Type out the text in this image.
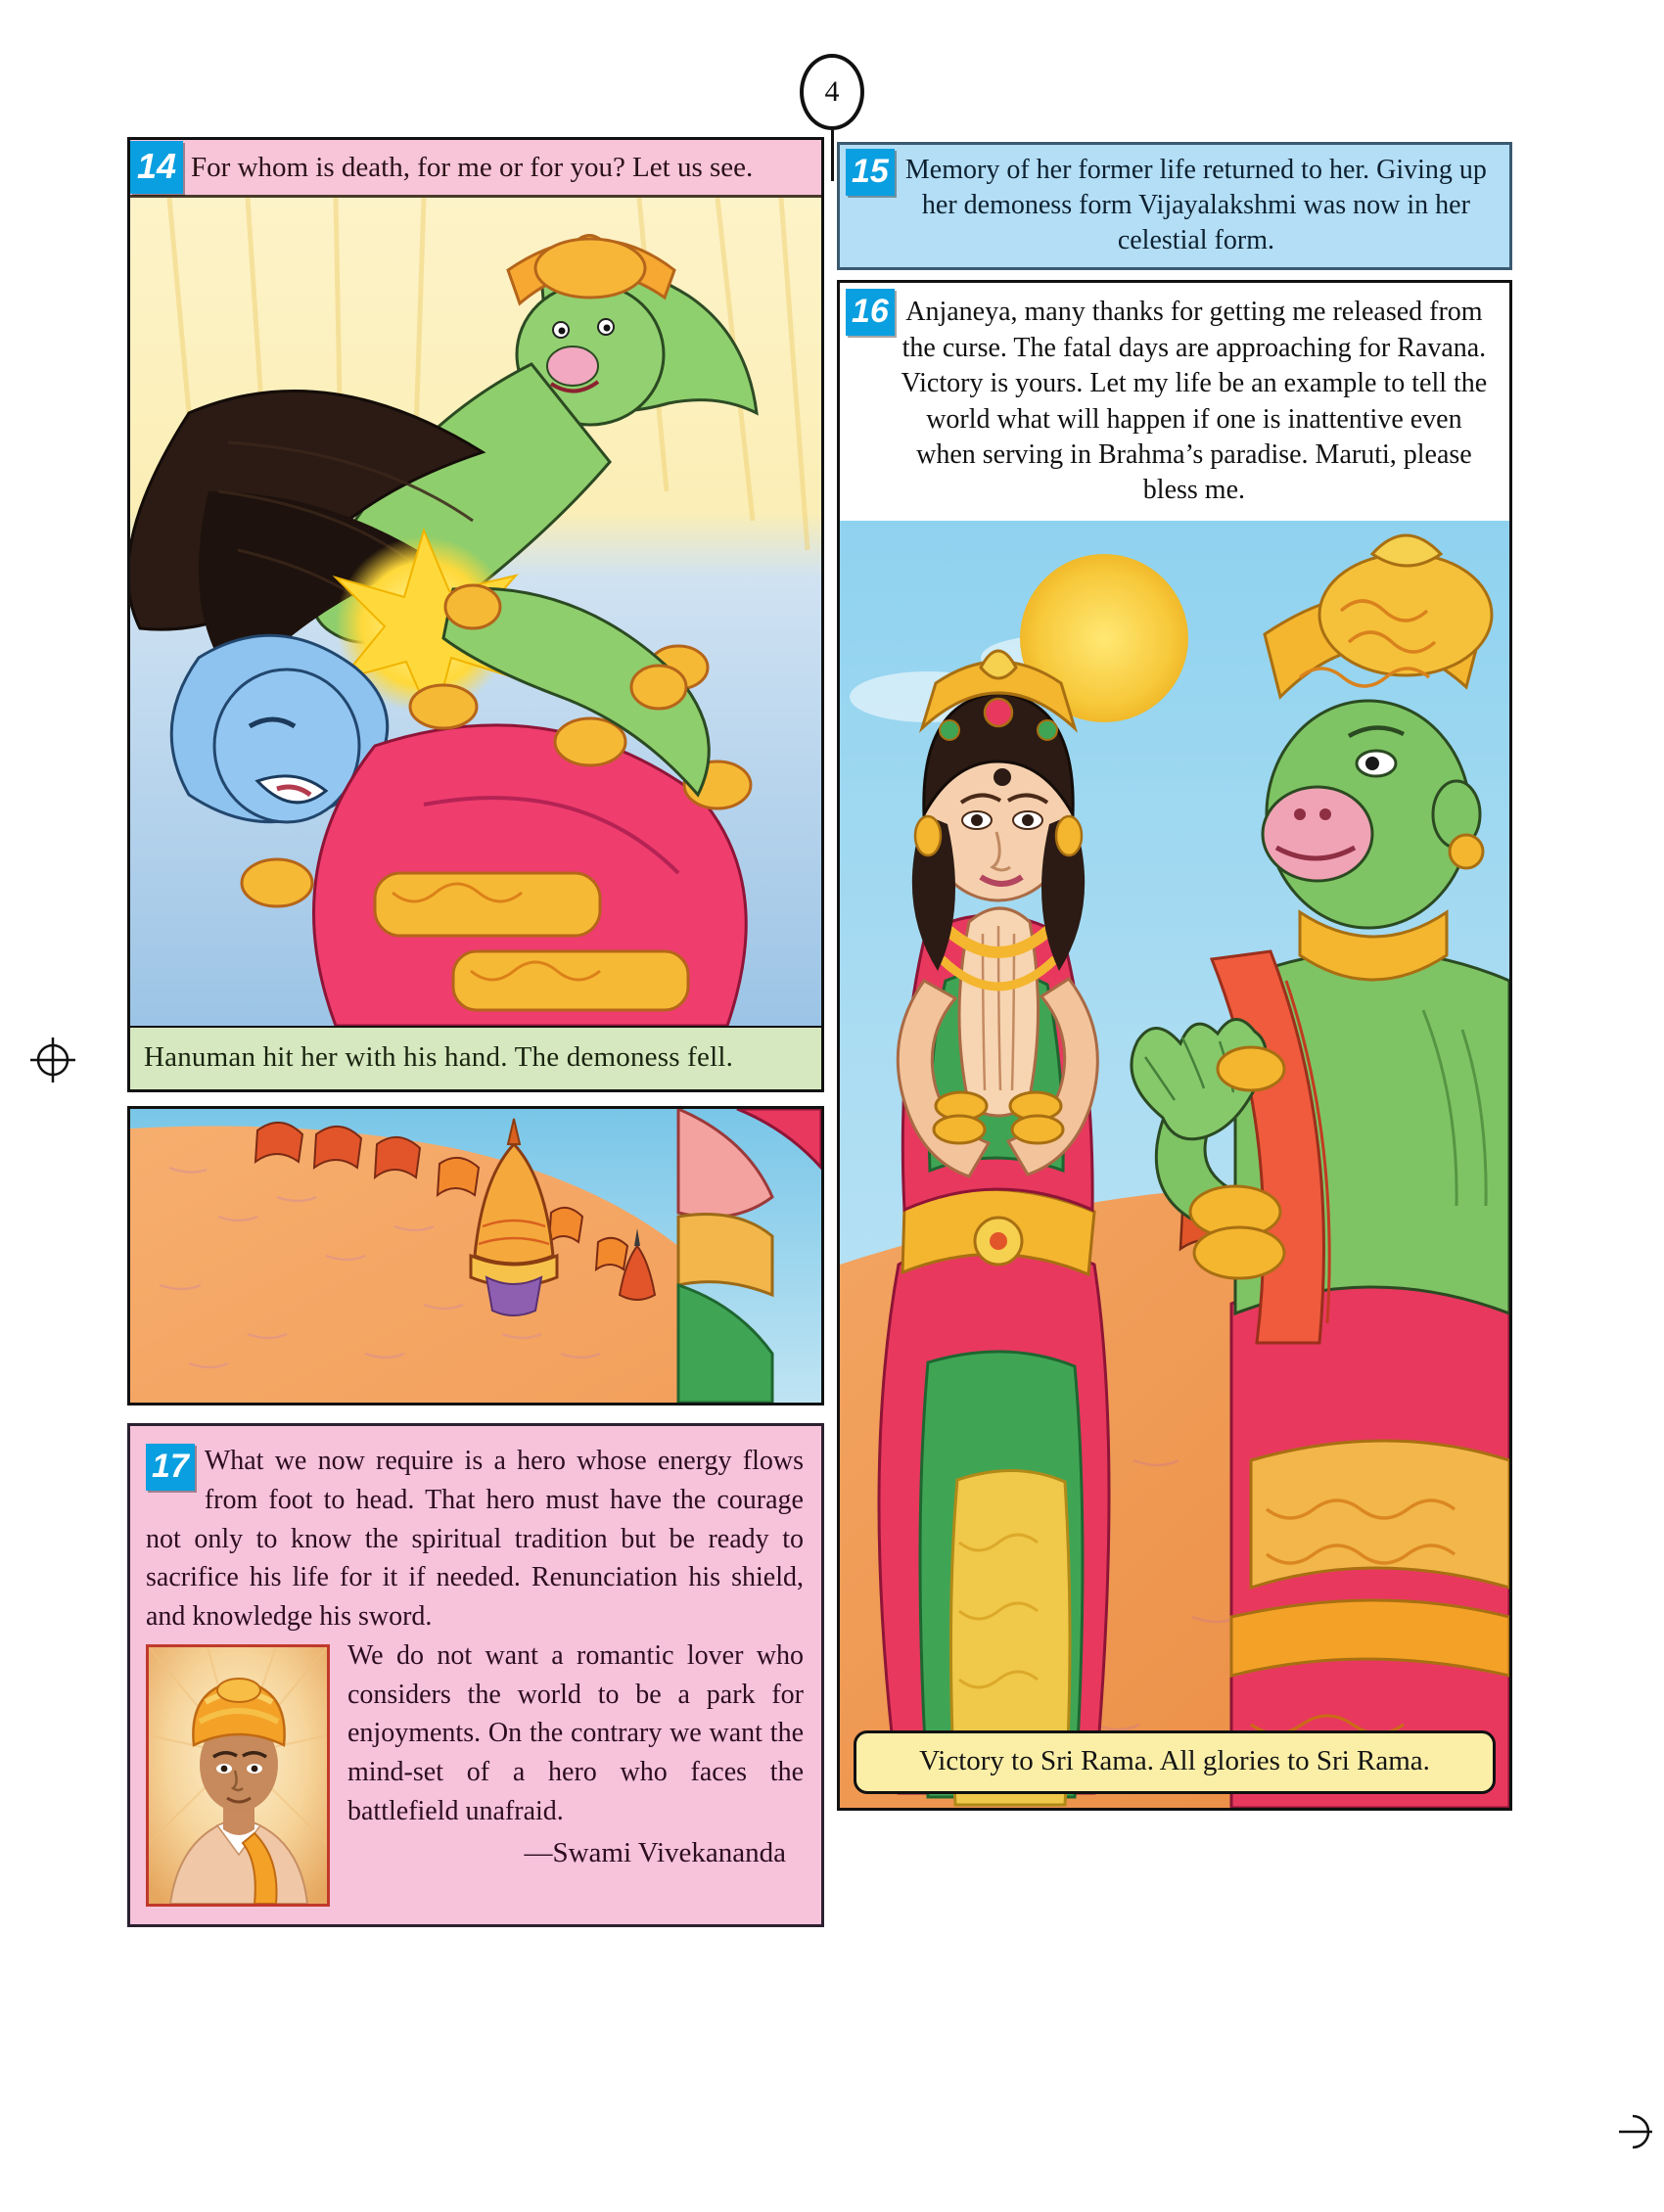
4
14 For whom is death, for me or for you? Let us see.
Hanuman hit her with his hand. The demoness fell.
17 What we now require is a hero whose energy flows from foot to head. That hero must have the courage not only to know the spiritual tradition but be ready to sacrifice his life for it if needed. Renunciation his shield, and knowledge his sword.
We do not want a romantic lover who considers the world to be a park for enjoyments. On the contrary we want the mind-set of a hero who faces the battlefield unafraid.
—Swami Vivekananda
15 Memory of her former life returned to her. Giving up her demoness form Vijayalakshmi was now in her celestial form.
16 Anjaneya, many thanks for getting me released from the curse. The fatal days are approaching for Ravana. Victory is yours. Let my life be an example to tell the world what will happen if one is inattentive even when serving in Brahma’s paradise. Maruti, please bless me.
Victory to Sri Rama. All glories to Sri Rama.
